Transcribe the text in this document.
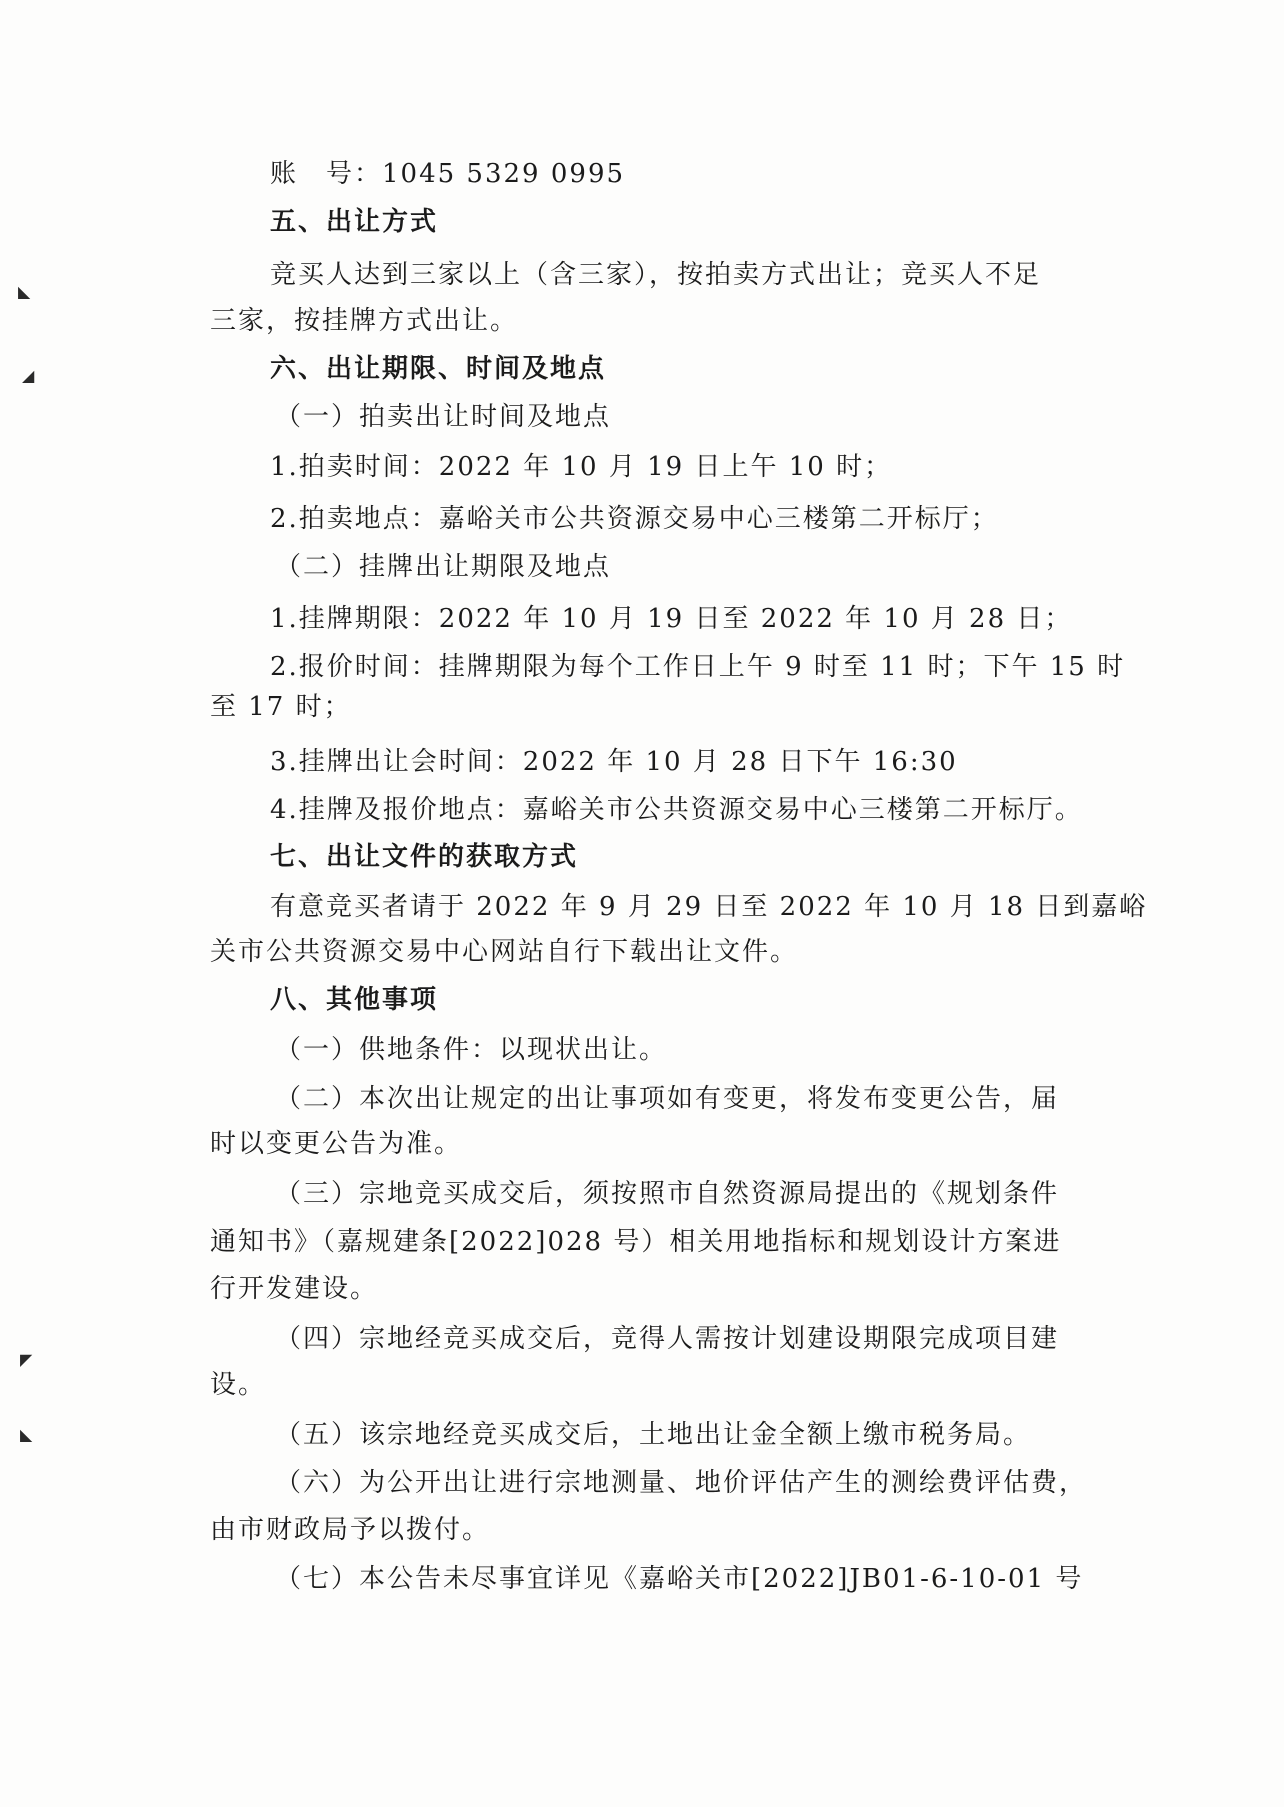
账　号：1045 5329 0995
五、出让方式
竞买人达到三家以上（含三家），按拍卖方式出让；竞买人不足
三家，按挂牌方式出让。
六、出让期限、时间及地点
（一）拍卖出让时间及地点
1.拍卖时间：2022 年 10 月 19 日上午 10 时；
2.拍卖地点：嘉峪关市公共资源交易中心三楼第二开标厅；
（二）挂牌出让期限及地点
1.挂牌期限：2022 年 10 月 19 日至 2022 年 10 月 28 日；
2.报价时间：挂牌期限为每个工作日上午 9 时至 11 时；下午 15 时
至 17 时；
3.挂牌出让会时间：2022 年 10 月 28 日下午 16:30
4.挂牌及报价地点：嘉峪关市公共资源交易中心三楼第二开标厅。
七、出让文件的获取方式
有意竞买者请于 2022 年 9 月 29 日至 2022 年 10 月 18 日到嘉峪
关市公共资源交易中心网站自行下载出让文件。
八、其他事项
（一）供地条件：以现状出让。
（二）本次出让规定的出让事项如有变更，将发布变更公告，届
时以变更公告为准。
（三）宗地竞买成交后，须按照市自然资源局提出的《规划条件
通知书》（嘉规建条[2022]028 号）相关用地指标和规划设计方案进
行开发建设。
（四）宗地经竞买成交后，竞得人需按计划建设期限完成项目建
设。
（五）该宗地经竞买成交后，土地出让金全额上缴市税务局。
（六）为公开出让进行宗地测量、地价评估产生的测绘费评估费，
由市财政局予以拨付。
（七）本公告未尽事宜详见《嘉峪关市[2022]JB01-6-10-01 号
◣
◢
◤
◣
